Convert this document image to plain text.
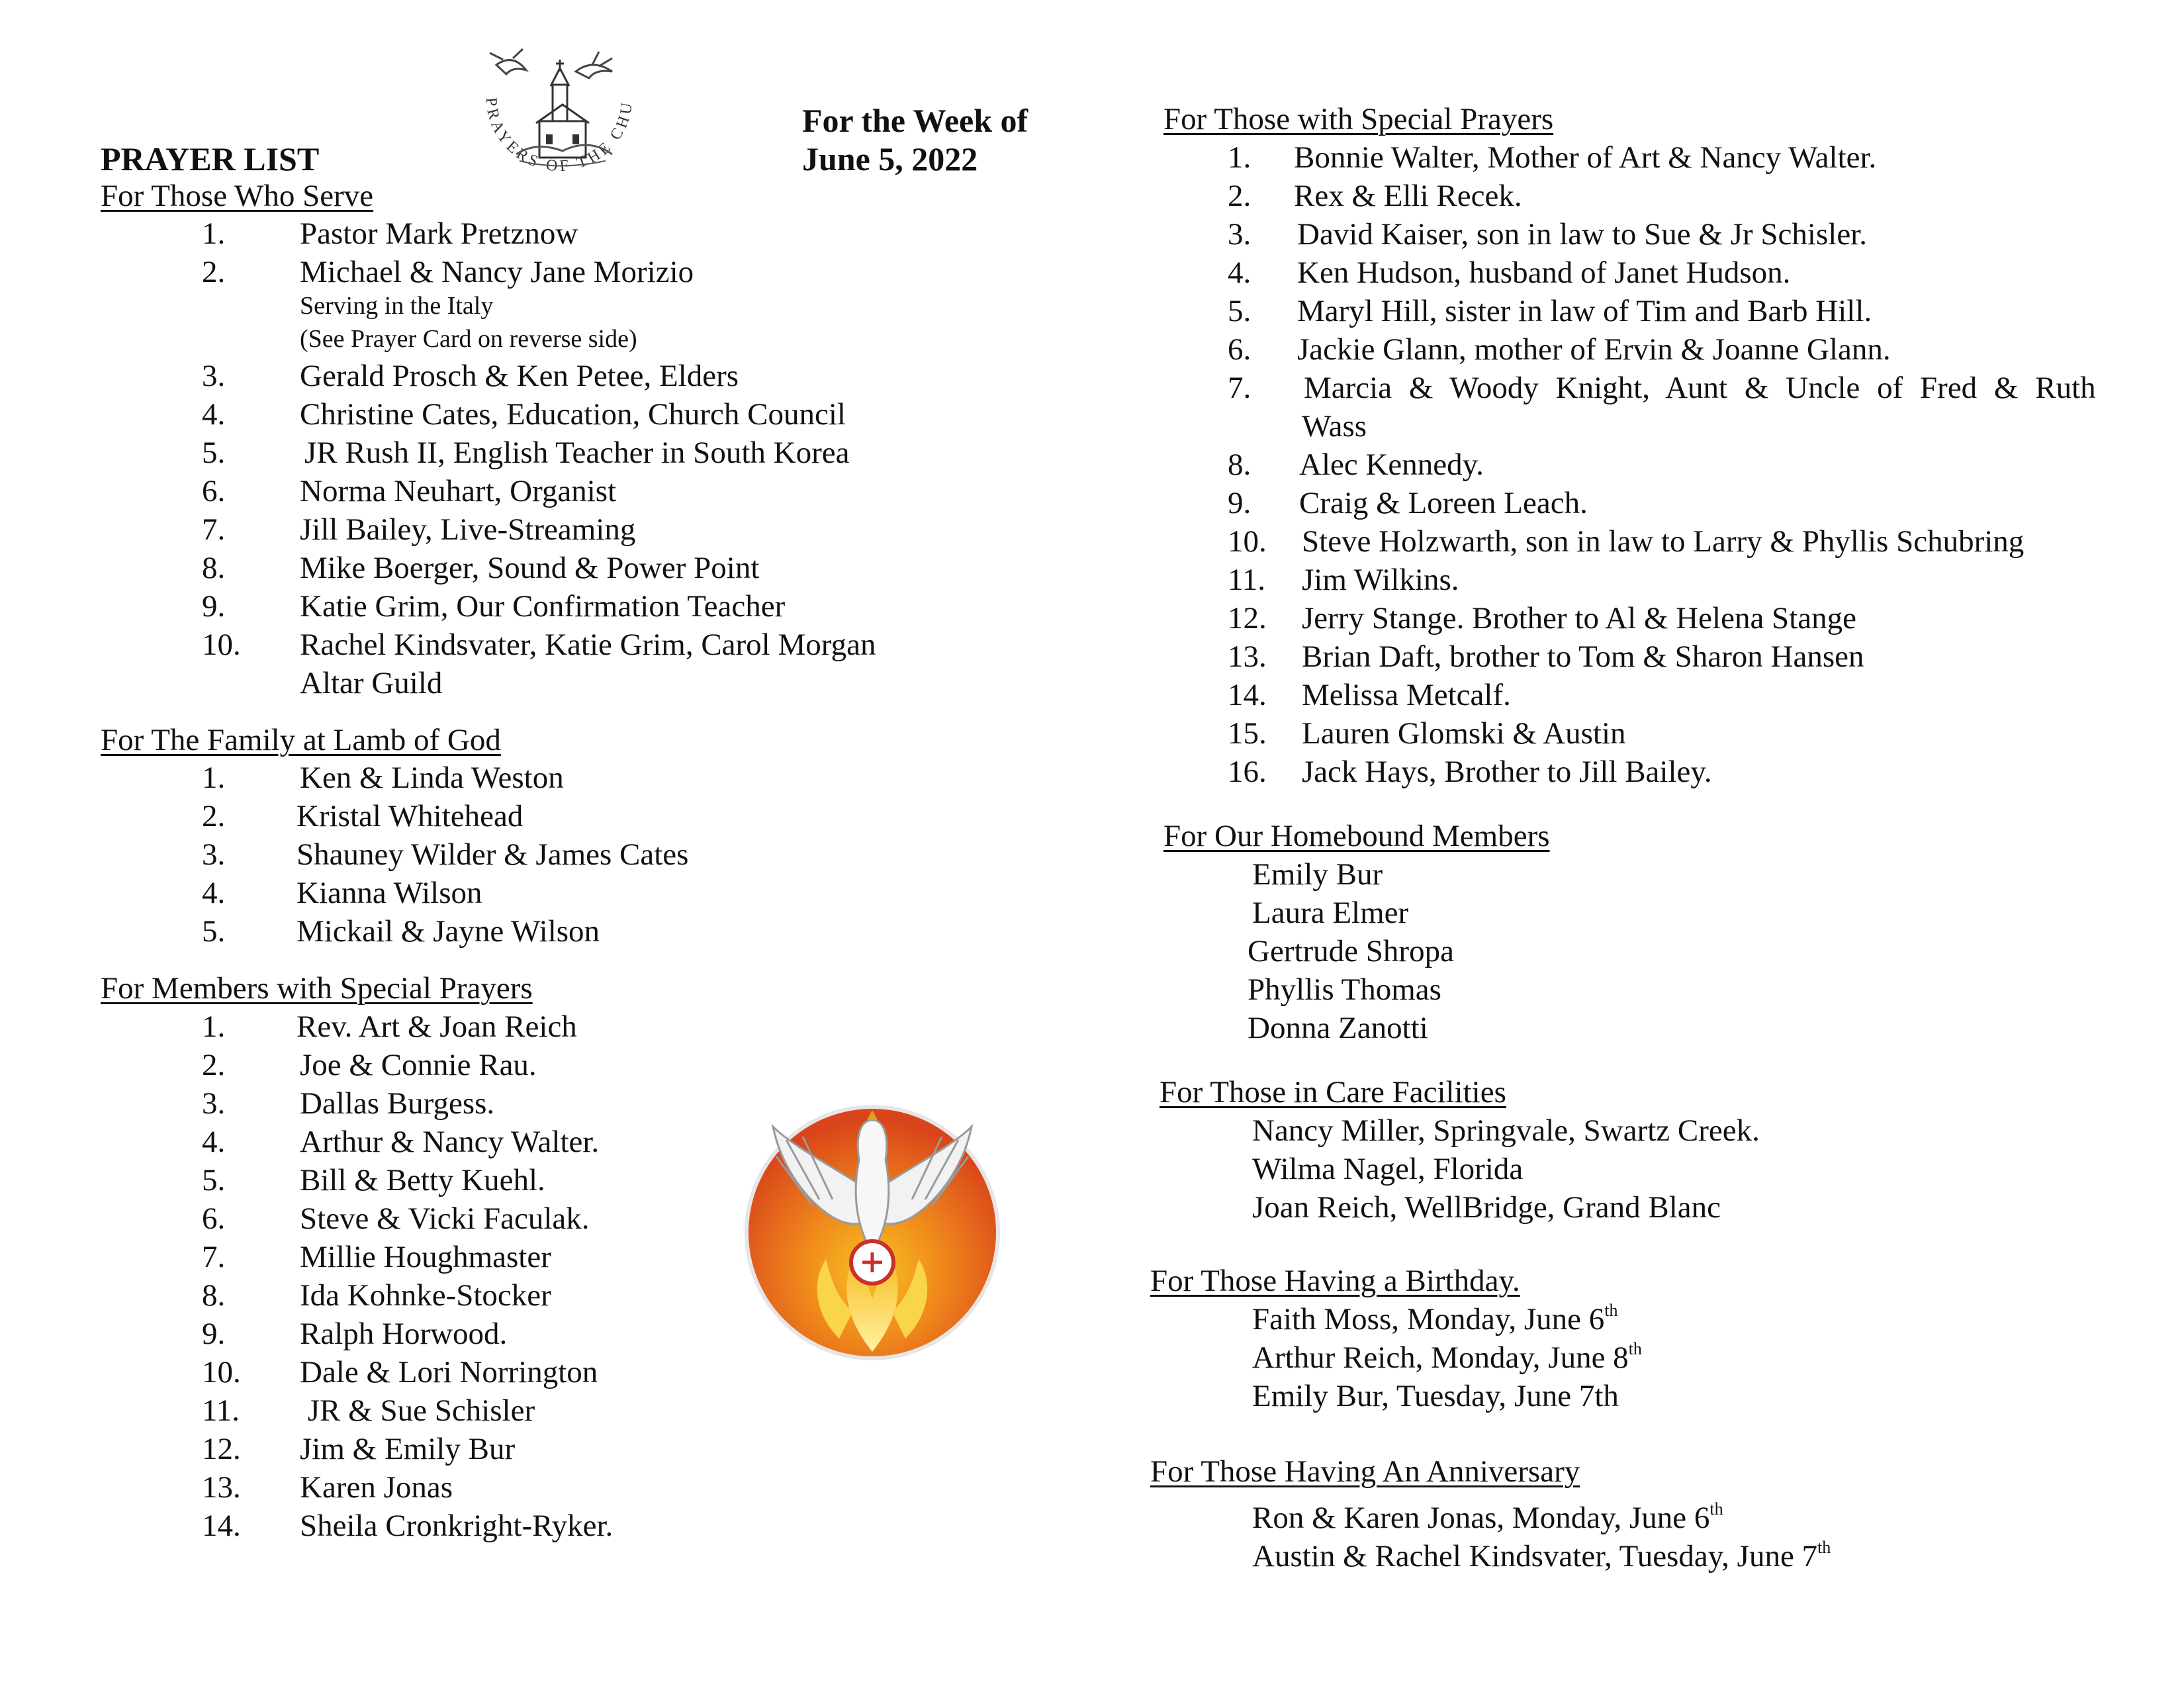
PRAYERS OF THE CHU
PRAYER LIST
For the Week of
June 5, 2022
For Those Who Serve
1. Pastor Mark Pretznow
2. Michael & Nancy Jane Morizio
Serving in the Italy
(See Prayer Card on reverse side)
3. Gerald Prosch & Ken Petee, Elders
4. Christine Cates, Education, Church Council
5.	JR Rush II, English Teacher in South Korea
6. Norma Neuhart, Organist
7. Jill Bailey, Live-Streaming
8. Mike Boerger, Sound & Power Point
9. Katie Grim, Our Confirmation Teacher
10. Rachel Kindsvater, Katie Grim, Carol Morgan
Altar Guild
For The Family at Lamb of God
1. Ken & Linda Weston
2. Kristal Whitehead
3. Shauney Wilder & James Cates
4. Kianna Wilson
5. Mickail & Jayne Wilson
For Members with Special Prayers
1. Rev. Art & Joan Reich
2. Joe & Connie Rau.
3. Dallas Burgess.
4. Arthur & Nancy Walter.
5. Bill & Betty Kuehl.
6. Steve & Vicki Faculak.
7. Millie Houghmaster
8. Ida Kohnke-Stocker
9. Ralph Horwood.
10. Dale & Lori Norrington
11. JR & Sue Schisler
12. Jim & Emily Bur
13. Karen Jonas
14. Sheila Cronkright-Ryker.
For Those with Special Prayers
1. Bonnie Walter, Mother of Art & Nancy Walter.
2. Rex & Elli Recek.
3. David Kaiser, son in law to Sue & Jr Schisler.
4. Ken Hudson, husband of Janet Hudson.
5. Maryl Hill, sister in law of Tim and Barb Hill.
6. Jackie Glann, mother of Ervin & Joanne Glann.
7. Marcia & Woody Knight, Aunt & Uncle of Fred & Ruth
Wass
8. Alec Kennedy.
9. Craig & Loreen Leach.
10. Steve Holzwarth, son in law to Larry & Phyllis Schubring
11. Jim Wilkins.
12. Jerry Stange. Brother to Al & Helena Stange
13. Brian Daft, brother to Tom & Sharon Hansen
14. Melissa Metcalf.
15. Lauren Glomski & Austin
16. Jack Hays, Brother to Jill Bailey.
For Our Homebound Members
Emily Bur
Laura Elmer
Gertrude Shropa
Phyllis Thomas
Donna Zanotti
For Those in Care Facilities
Nancy Miller, Springvale, Swartz Creek.
Wilma Nagel, Florida
Joan Reich, WellBridge, Grand Blanc
For Those Having a Birthday.
Faith Moss, Monday, June 6th
Arthur Reich, Monday, June 8th
Emily Bur, Tuesday, June 7th
For Those Having An Anniversary
Ron & Karen Jonas, Monday, June 6th
Austin & Rachel Kindsvater, Tuesday, June 7th
